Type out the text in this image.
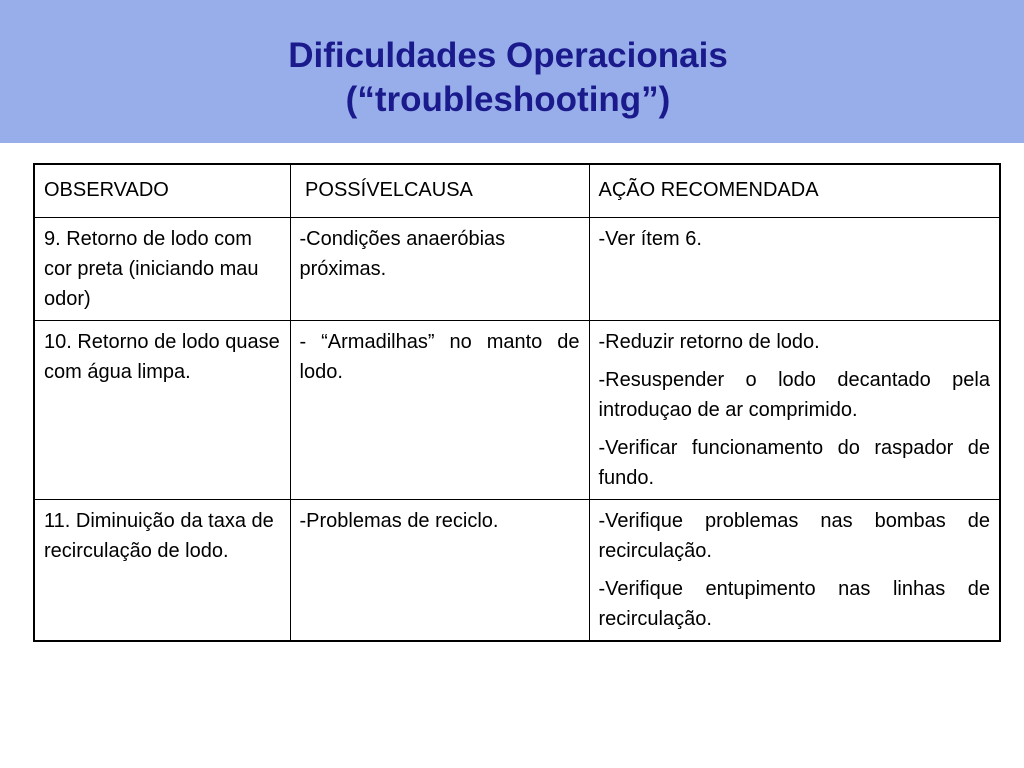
Dificuldades Operacionais
(“troubleshooting”)
OBSERVADO	POSSÍVELCAUSA	AÇÃO RECOMENDADA
9. Retorno de lodo com cor preta (iniciando mau odor)	-Condições anaeróbias próximas.	-Ver ítem 6.

10. Retorno de lodo quase com água limpa.	- “Armadilhas” no manto de lodo.	-Reduzir retorno de lodo.
-Resuspender o lodo decantado pela introduçao de ar comprimido.
-Verificar funcionamento do raspador de fundo.

11. Diminuição da taxa de recirculação de lodo.	-Problemas de reciclo.	-Verifique problemas nas bombas de recirculação.
-Verifique entupimento nas linhas de recirculação.
